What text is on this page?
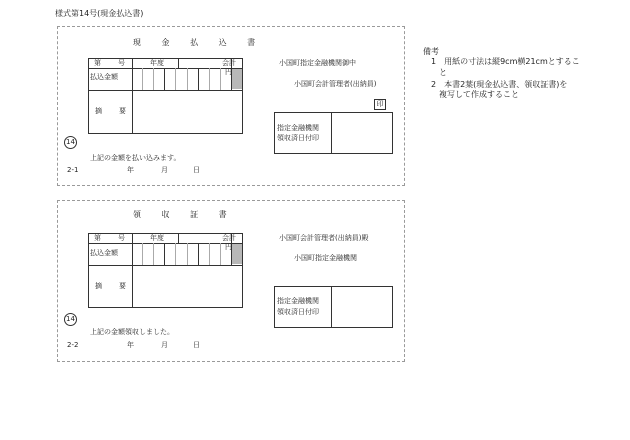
様式第14号(現金払込書)
備考
1　用紙の寸法は縦9cm横21cmとするこ
と
2　本書2葉(現金払込書、領収証書)を
複写して作成すること
現 金 払 込 書
第　号	年度	会計
払込金額
円
摘　要
小国町指定金融機関御中
小国町会計管理者(出納員)
印
指定金融機関
領収済日付印
14
上記の金額を払い込みます。
2-1	年	月	日
領 収 証 書
第　号	年度	会計
払込金額
円
摘　要
小国町会計管理者(出納員)殿
小国町指定金融機関
指定金融機関
領収済日付印
14
上記の金額領収しました。
2-2	年	月	日
